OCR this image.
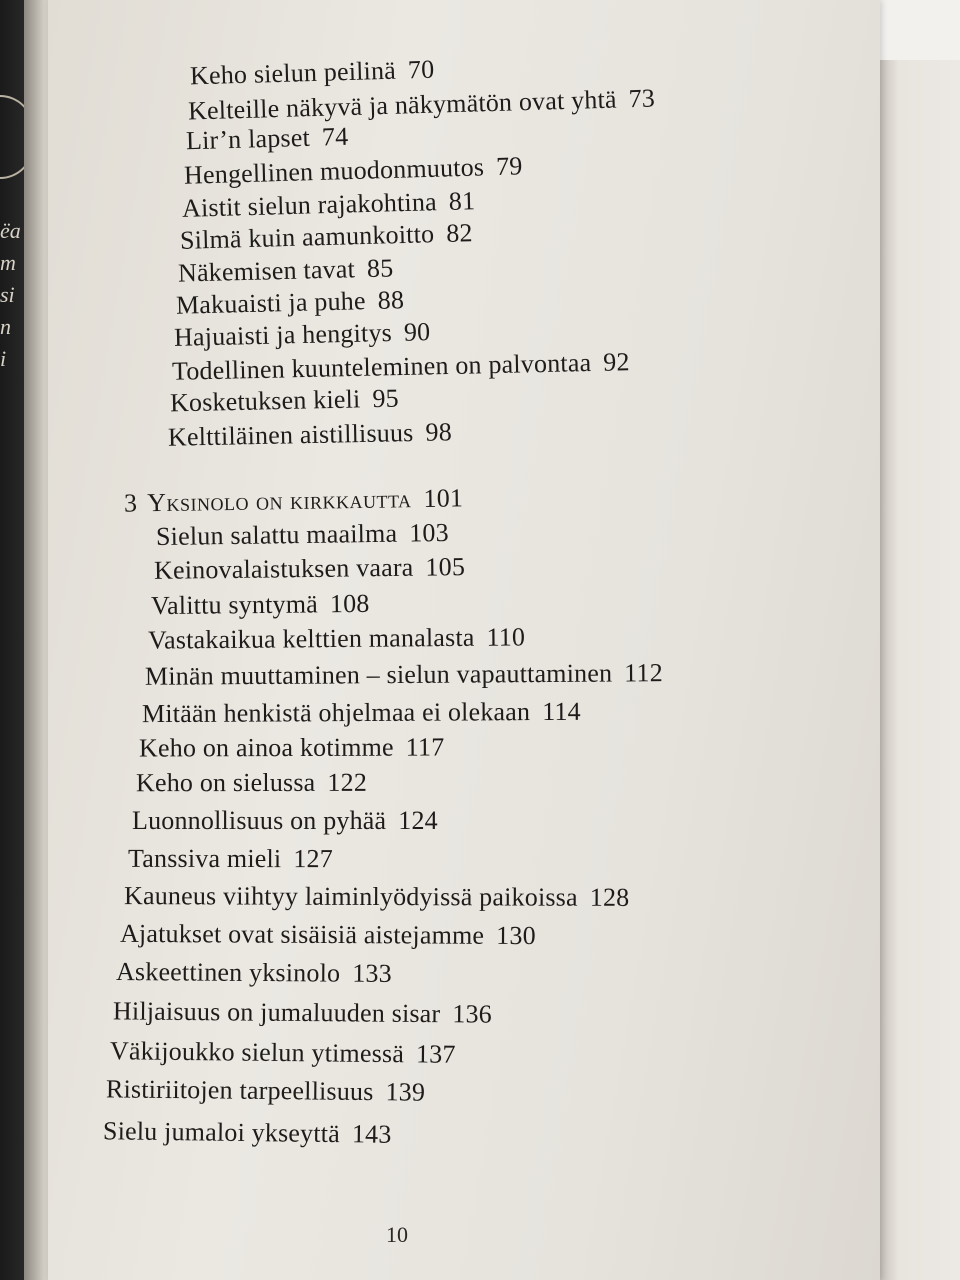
ëa
m
si
n
i
Keho sielun peilinä 70
Kelteille näkyvä ja näkymätön ovat yhtä 73
Lir’n lapset 74
Hengellinen muodonmuutos 79
Aistit sielun rajakohtina 81
Silmä kuin aamunkoitto 82
Näkemisen tavat 85
Makuaisti ja puhe 88
Hajuaisti ja hengitys 90
Todellinen kuunteleminen on palvontaa 92
Kosketuksen kieli 95
Kelttiläinen aistillisuus 98
3 Yksinolo on kirkkautta 101
Sielun salattu maailma 103
Keinovalaistuksen vaara 105
Valittu syntymä 108
Vastakaikua kelttien manalasta 110
Minän muuttaminen – sielun vapauttaminen 112
Mitään henkistä ohjelmaa ei olekaan 114
Keho on ainoa kotimme 117
Keho on sielussa 122
Luonnollisuus on pyhää 124
Tanssiva mieli 127
Kauneus viihtyy laiminlyödyissä paikoissa 128
Ajatukset ovat sisäisiä aistejamme 130
Askeettinen yksinolo 133
Hiljaisuus on jumaluuden sisar 136
Väkijoukko sielun ytimessä 137
Ristiriitojen tarpeellisuus 139
Sielu jumaloi ykseyttä 143
10
